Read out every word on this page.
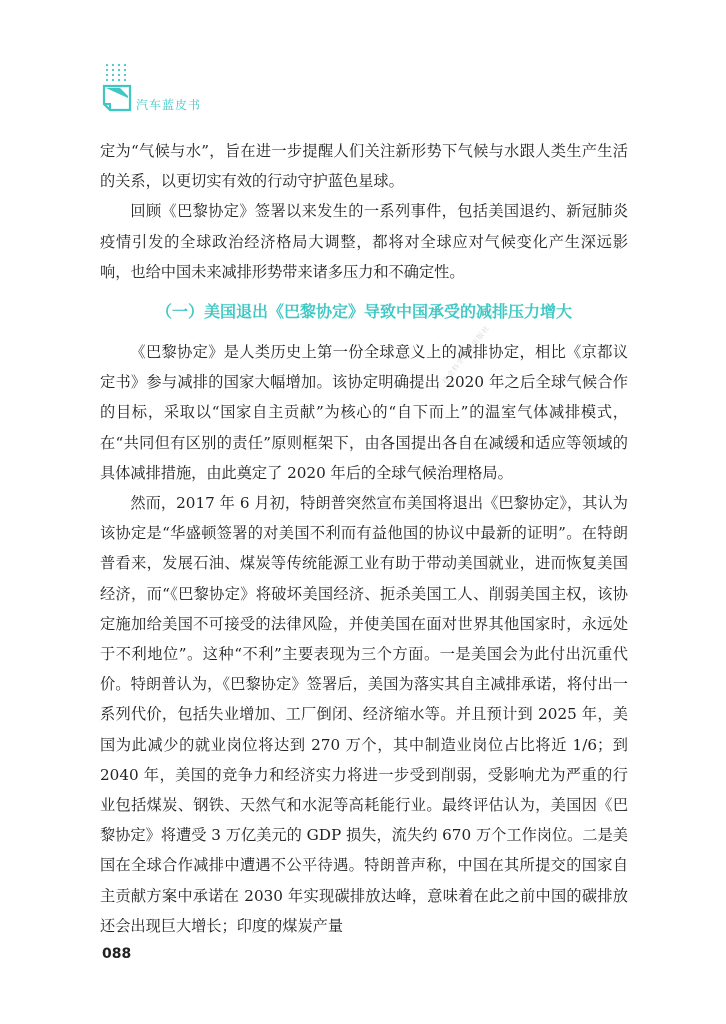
汽车蓝皮书
社会科学文献出版社

定为“气候与水”，旨在进一步提醒人们关注新形势下气候与水跟人类生产生活的关系，以更切实有效的行动守护蓝色星球。

回顾《巴黎协定》签署以来发生的一系列事件，包括美国退约、新冠肺炎疫情引发的全球政治经济格局大调整，都将对全球应对气候变化产生深远影响，也给中国未来减排形势带来诸多压力和不确定性。

（一）美国退出《巴黎协定》导致中国承受的减排压力增大

《巴黎协定》是人类历史上第一份全球意义上的减排协定，相比《京都议定书》参与减排的国家大幅增加。该协定明确提出 2020 年之后全球气候合作的目标，采取以“国家自主贡献”为核心的“自下而上”的温室气体减排模式，在“共同但有区别的责任”原则框架下，由各国提出各自在减缓和适应等领域的具体减排措施，由此奠定了 2020 年后的全球气候治理格局。

然而，2017 年 6 月初，特朗普突然宣布美国将退出《巴黎协定》，其认为该协定是“华盛顿签署的对美国不利而有益他国的协议中最新的证明”。在特朗普看来，发展石油、煤炭等传统能源工业有助于带动美国就业，进而恢复美国经济，而“《巴黎协定》将破坏美国经济、扼杀美国工人、削弱美国主权，该协定施加给美国不可接受的法律风险，并使美国在面对世界其他国家时，永远处于不利地位”。这种“不利”主要表现为三个方面。一是美国会为此付出沉重代价。特朗普认为，《巴黎协定》签署后，美国为落实其自主减排承诺，将付出一系列代价，包括失业增加、工厂倒闭、经济缩水等。并且预计到 2025 年，美国为此减少的就业岗位将达到 270 万个，其中制造业岗位占比将近 1/6；到 2040 年，美国的竞争力和经济实力将进一步受到削弱，受影响尤为严重的行业包括煤炭、钢铁、天然气和水泥等高耗能行业。最终评估认为，美国因《巴黎协定》将遭受 3 万亿美元的 GDP 损失，流失约 670 万个工作岗位。二是美国在全球合作减排中遭遇不公平待遇。特朗普声称，中国在其所提交的国家自主贡献方案中承诺在 2030 年实现碳排放达峰，意味着在此之前中国的碳排放还会出现巨大增长；印度的煤炭产量

088
